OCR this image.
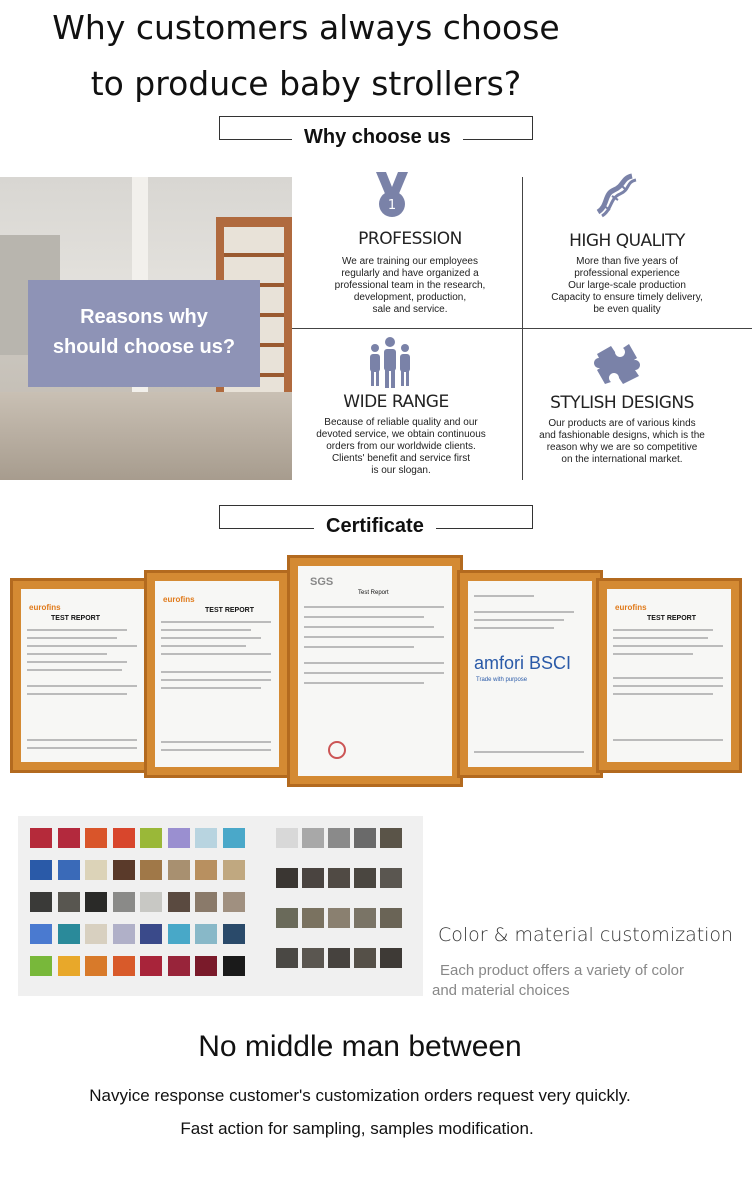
Why customers always choose
to produce baby strollers?
Why choose us
Reasons why
should choose us?
1
PROFESSION
We are training our employees
regularly and have organized a
professional team in the research,
development, production,
sale and service.
HIGH QUALITY
More than five years of
professional experience
Our large-scale production
Capacity to ensure timely delivery,
be even quality
WIDE RANGE
Because of reliable quality and our
devoted service, we obtain continuous
orders from our worldwide clients.
Clients' benefit and service first
is our slogan.
STYLISH DESIGNS
Our products are of various kinds
and fashionable designs, which is the
reason why we are so competitive
on the international market.
Certificate
eurofins
TEST REPORT
eurofins
TEST REPORT
SGS
Test Report
amfori BSCI
Trade with purpose
eurofins
TEST REPORT
Color & material customization
Each product offers a variety of color
and material choices
No middle man between
Navyice response customer's customization orders request very quickly.
Fast action for sampling, samples modification.
